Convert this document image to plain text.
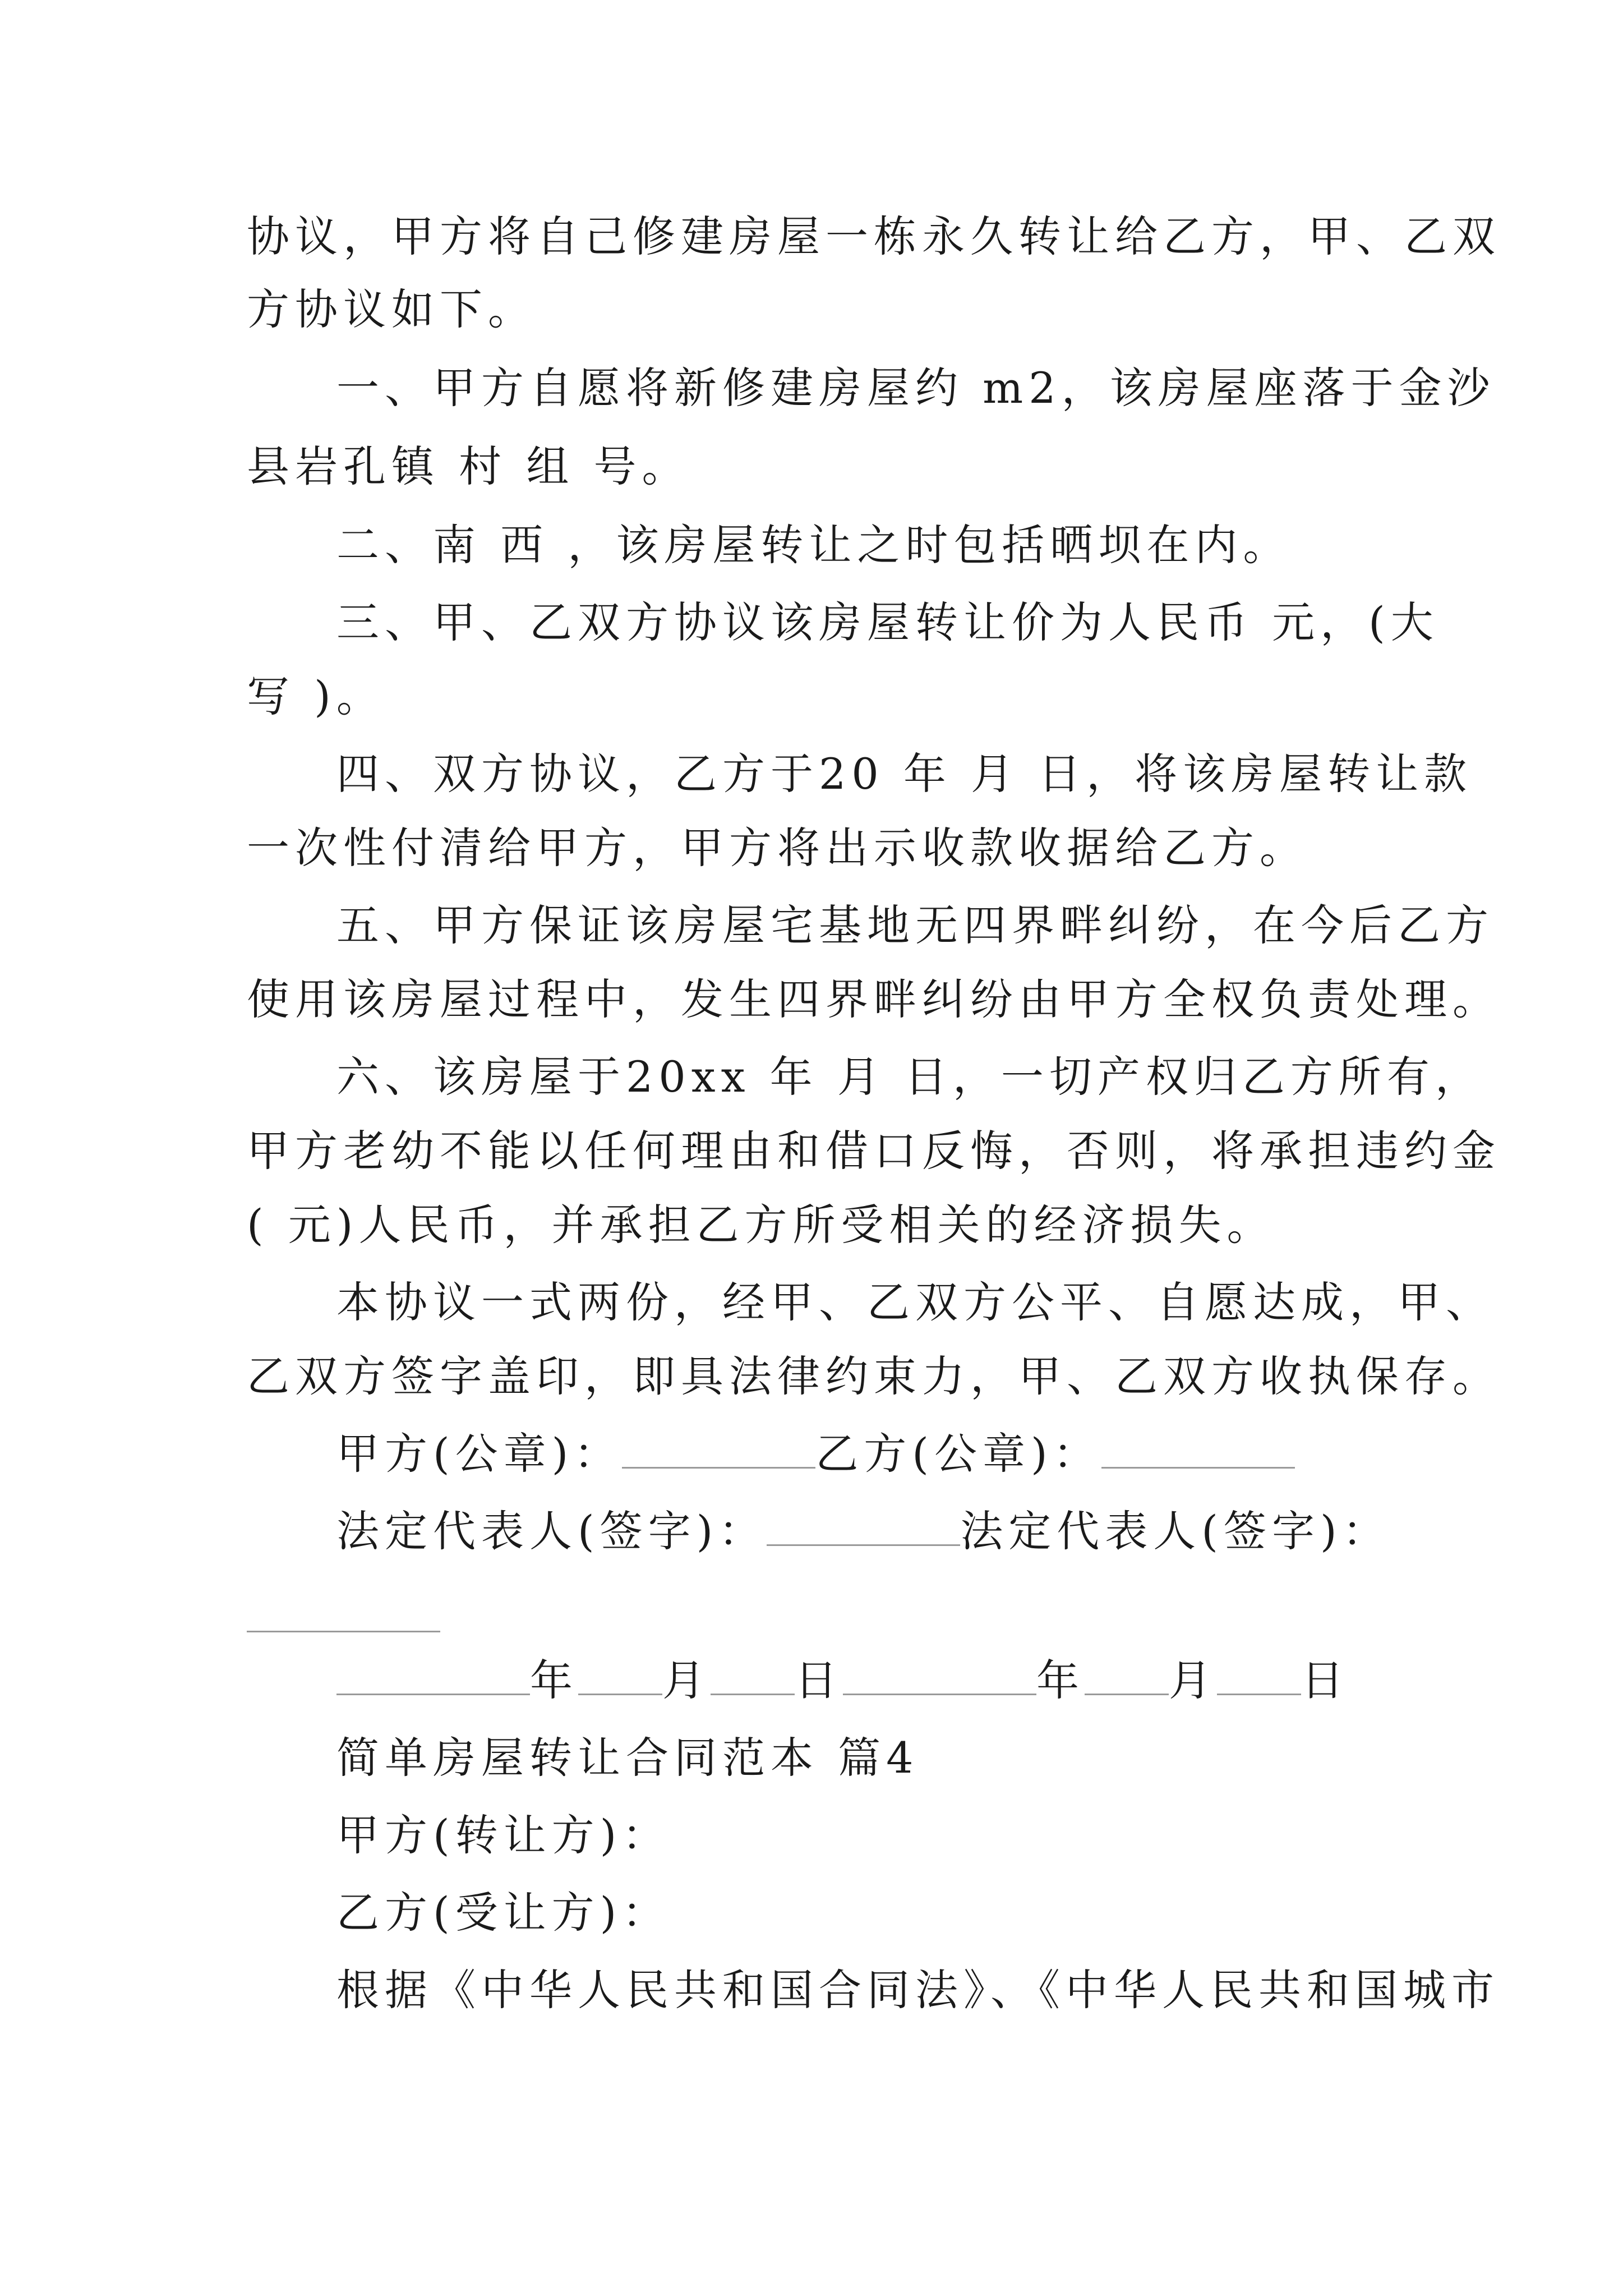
协议，甲方将自己修建房屋一栋永久转让给乙方，甲、乙双

方协议如下。

一、甲方自愿将新修建房屋约 m2，该房屋座落于金沙

县岩孔镇 村 组 号。

二、南 西 ，该房屋转让之时包括晒坝在内。

三、甲、乙双方协议该房屋转让价为人民币 元，(大

写 )。

四、双方协议，乙方于20 年 月 日，将该房屋转让款

一次性付清给甲方，甲方将出示收款收据给乙方。

五、甲方保证该房屋宅基地无四界畔纠纷，在今后乙方

使用该房屋过程中，发生四界畔纠纷由甲方全权负责处理。

六、该房屋于20xx 年 月 日，一切产权归乙方所有，

甲方老幼不能以任何理由和借口反悔，否则，将承担违约金

( 元)人民币，并承担乙方所受相关的经济损失。

本协议一式两份，经甲、乙双方公平、自愿达成，甲、

乙双方签字盖印，即具法律约束力，甲、乙双方收执保存。

甲方(公章)：	乙方(公章)：

法定代表人(签字)：	法定代表人(签字)：

年 月 日	年 月 日

简单房屋转让合同范本 篇4

甲方(转让方)：

乙方(受让方)：

根据《中华人民共和国合同法》、《中华人民共和国城市
